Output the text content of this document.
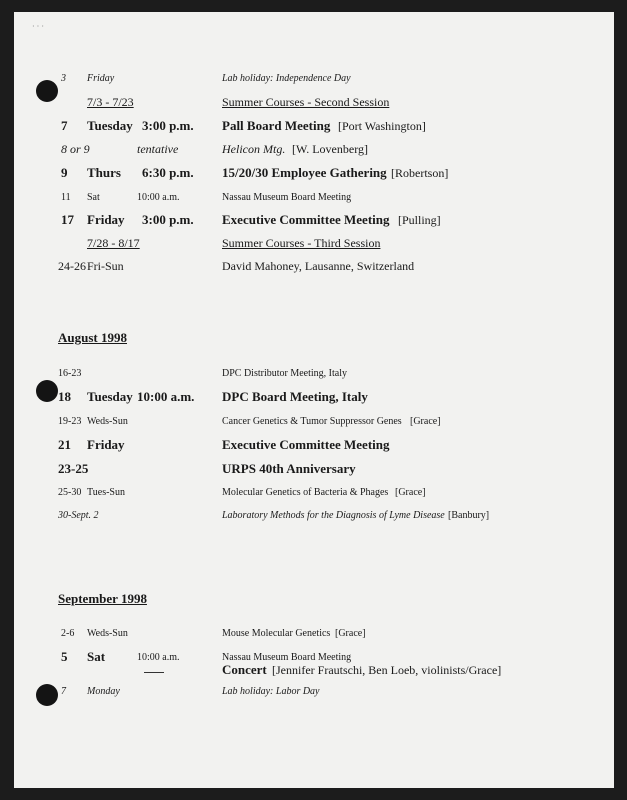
· · ·
3 Friday	Lab holiday: Independence Day
7/3 - 7/23	Summer Courses - Second Session
7 Tuesday 3:00 p.m. Pall Board Meeting [Port Washington]
8 or 9	tentative	Helicon Mtg. [W. Lovenberg]
9 Thurs 6:30 p.m. 15/20/30 Employee Gathering [Robertson]
11 Sat	10:00 a.m.	Nassau Museum Board Meeting
17 Friday 3:00 p.m. Executive Committee Meeting [Pulling]
7/28 - 8/17	Summer Courses - Third Session
24-26 Fri-Sun	David Mahoney, Lausanne, Switzerland
August 1998
16-23	DPC Distributor Meeting, Italy
18 Tuesday 10:00 a.m. DPC Board Meeting, Italy
19-23 Weds-Sun	Cancer Genetics & Tumor Suppressor Genes [Grace]
21 Friday	Executive Committee Meeting
23-25	URPS 40th Anniversary
25-30 Tues-Sun	Molecular Genetics of Bacteria & Phages [Grace]
30-Sept. 2	Laboratory Methods for the Diagnosis of Lyme Disease [Banbury]
September 1998
2-6 Weds-Sun	Mouse Molecular Genetics [Grace]
5 Sat	10:00 a.m.	Nassau Museum Board Meeting
Concert [Jennifer Frautschi, Ben Loeb, violinists/Grace]
7 Monday	Lab holiday: Labor Day
